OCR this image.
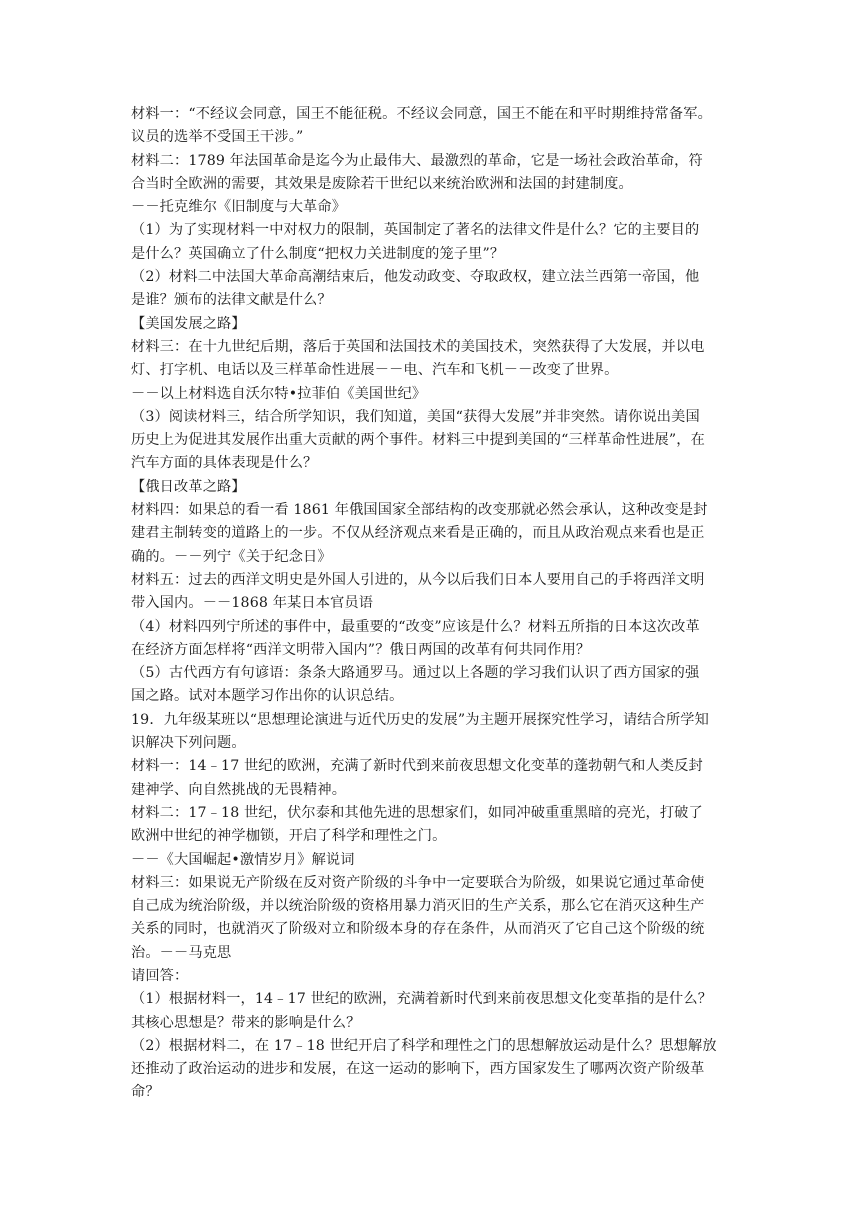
材料一：“不经议会同意，国王不能征税。不经议会同意，国王不能在和平时期维持常备军。
议员的选举不受国王干涉。”
材料二：1789 年法国革命是迄今为止最伟大、最激烈的革命，它是一场社会政治革命，符
合当时全欧洲的需要，其效果是废除若干世纪以来统治欧洲和法国的封建制度。
－－托克维尔《旧制度与大革命》
（1）为了实现材料一中对权力的限制，英国制定了著名的法律文件是什么？它的主要目的
是什么？英国确立了什么制度“把权力关进制度的笼子里”？
（2）材料二中法国大革命高潮结束后，他发动政变、夺取政权，建立法兰西第一帝国，他
是谁？颁布的法律文献是什么？
【美国发展之路】
材料三：在十九世纪后期，落后于英国和法国技术的美国技术，突然获得了大发展，并以电
灯、打字机、电话以及三样革命性进展－－电、汽车和飞机－－改变了世界。
－－以上材料选自沃尔特•拉菲伯《美国世纪》
（3）阅读材料三，结合所学知识，我们知道，美国“获得大发展”并非突然。请你说出美国
历史上为促进其发展作出重大贡献的两个事件。材料三中提到美国的“三样革命性进展”，在
汽车方面的具体表现是什么？
【俄日改革之路】
材料四：如果总的看一看 1861 年俄国国家全部结构的改变那就必然会承认，这种改变是封
建君主制转变的道路上的一步。不仅从经济观点来看是正确的，而且从政治观点来看也是正
确的。－－列宁《关于纪念日》
材料五：过去的西洋文明史是外国人引进的，从今以后我们日本人要用自己的手将西洋文明
带入国内。－－1868 年某日本官员语
（4）材料四列宁所述的事件中，最重要的“改变”应该是什么？材料五所指的日本这次改革
在经济方面怎样将“西洋文明带入国内”？俄日两国的改革有何共同作用？
（5）古代西方有句谚语：条条大路通罗马。通过以上各题的学习我们认识了西方国家的强
国之路。试对本题学习作出你的认识总结。
19．九年级某班以“思想理论演进与近代历史的发展”为主题开展探究性学习，请结合所学知
识解决下列问题。
材料一：14﹣17 世纪的欧洲，充满了新时代到来前夜思想文化变革的蓬勃朝气和人类反封
建神学、向自然挑战的无畏精神。
材料二：17﹣18 世纪，伏尔泰和其他先进的思想家们，如同冲破重重黑暗的亮光，打破了
欧洲中世纪的神学枷锁，开启了科学和理性之门。
－－《大国崛起•激情岁月》解说词
材料三：如果说无产阶级在反对资产阶级的斗争中一定要联合为阶级，如果说它通过革命使
自己成为统治阶级，并以统治阶级的资格用暴力消灭旧的生产关系，那么它在消灭这种生产
关系的同时，也就消灭了阶级对立和阶级本身的存在条件，从而消灭了它自己这个阶级的统
治。－－马克思
请回答：
（1）根据材料一，14﹣17 世纪的欧洲，充满着新时代到来前夜思想文化变革指的是什么？
其核心思想是？带来的影响是什么？
（2）根据材料二，在 17﹣18 世纪开启了科学和理性之门的思想解放运动是什么？思想解放
还推动了政治运动的进步和发展，在这一运动的影响下，西方国家发生了哪两次资产阶级革
命？
